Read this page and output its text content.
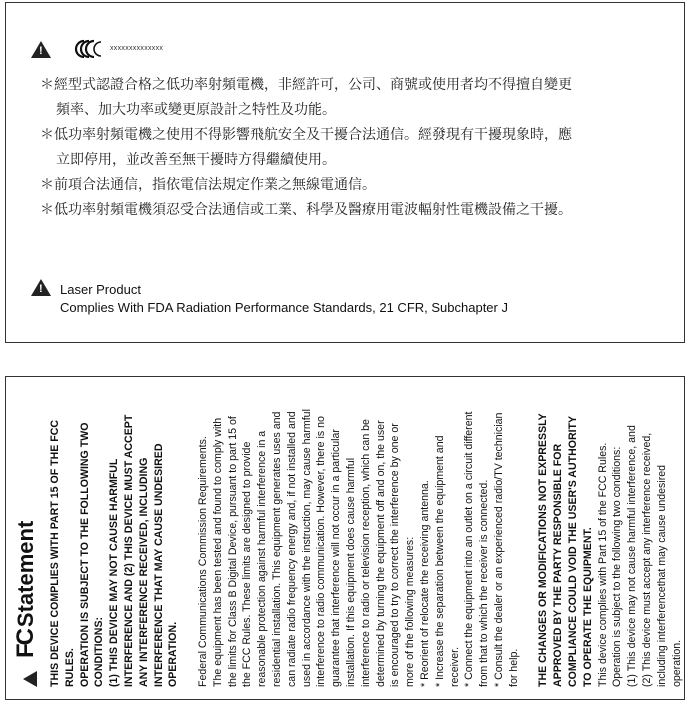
!
xxxxxxxxxxxxxx
＊經型式認證合格之低功率射頻電機，非經許可，公司、商號或使用者均不得擅自變更
頻率、加大功率或變更原設計之特性及功能。
＊低功率射頻電機之使用不得影響飛航安全及干擾合法通信。經發現有干擾現象時，應
立即停用，並改善至無干擾時方得繼續使用。
＊前項合法通信，指依電信法規定作業之無線電通信。
＊低功率射頻電機須忍受合法通信或工業、科學及醫療用電波輻射性電機設備之干擾。
!
Laser Product
Complies With FDA Radiation Performance Standards, 21 CFR, Subchapter J
FC Statement THIS DEVICE COMPLIES WITH PART 15 OF THE FCC RULES. OPERATION IS SUBJECT TO THE FOLLOWING TWO CONDITIONS: (1) THIS DEVICE MAY NOT CAUSE HARMFUL INTERFERENCE AND (2) THIS DEVICE MUST ACCEPT ANY INTERFERENCE RECEIVED, INCLUDING INTERFERENCE THAT MAY CAUSE UNDESIRED OPERATION. Federal Communications Commission Requirements. The equipment has been tested and found to comply with the limits for Class B Digital Device, pursuant to part 15 of the FCC Rules. These limits are designed to provide reasonable protection against harmful interference in a residential installation. This equipment generates uses and can radiate radio frequency energy and, if not installed and used in accordance with the instruction, may cause harmful interference to radio communication. However, there is no guarantee that interference will not occur in a particular installation. If this equipment does cause harmful interference to radio or television reception, which can be determined by turning the equipment off and on, the user is encouraged to try to correct the interference by one or more of the following measures: * Reorient of relocate the receiving antenna. * Increase the separation between the equipment and receiver. * Connect the equipment into an outlet on a circuit different from that to which the receiver is connected. * Consult the dealer or an experienced radio/TV technician for help. THE CHANGES OR MODIFICATIONS NOT EXPRESSLY APPROVED BY THE PARTY RESPONSIBLE FOR COMPLIANCE COULD VOID THE USER'S AUTHORITY TO OPERATE THE EQUIPMENT. This device complies with Part 15 of the FCC Rules. Operation is subject to the following two conditions: (1) This device may not cause harmful interference, and (2) This device must accept any interference received, including interferencethat may cause undesired operation.
